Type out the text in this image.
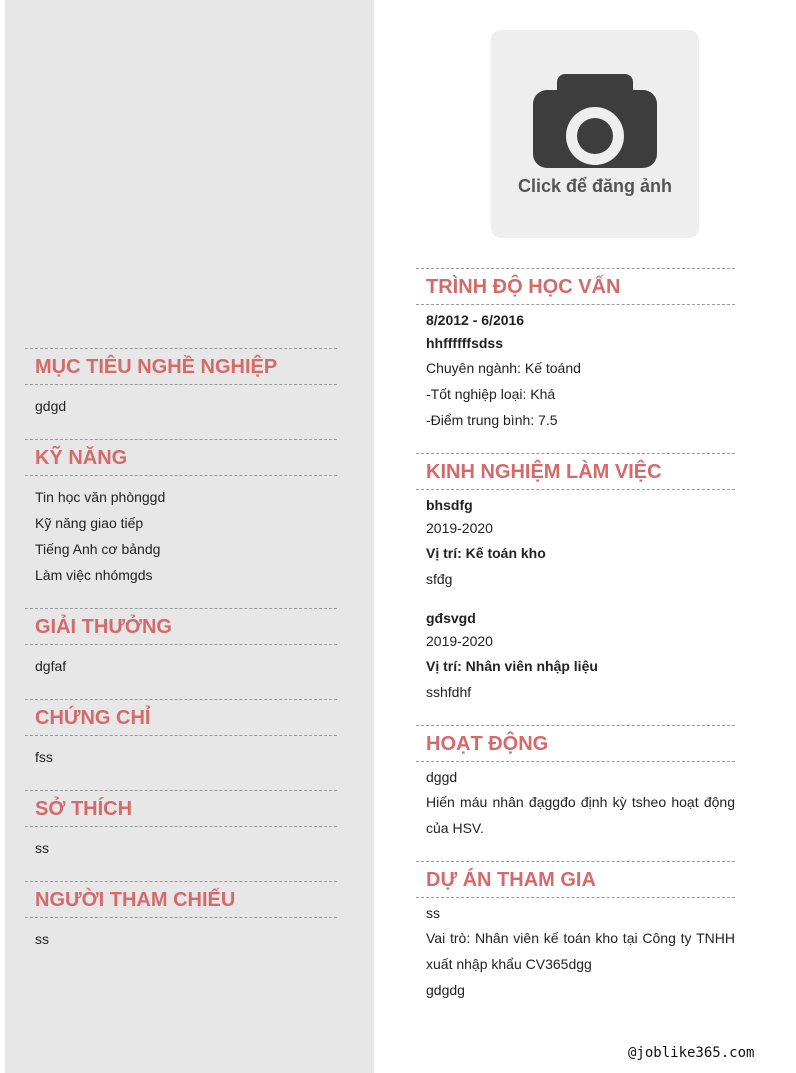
MỤC TIÊU NGHỀ NGHIỆP
gdgd
KỸ NĂNG
Tin học văn phònggd
Kỹ năng giao tiếp
Tiếng Anh cơ bảndg
Làm việc nhómgds
GIẢI THƯỞNG
dgfaf
CHỨNG CHỈ
fss
SỞ THÍCH
ss
NGƯỜI THAM CHIẾU
ss
Click để đăng ảnh
TRÌNH ĐỘ HỌC VẤN
8/2012 - 6/2016
hhffffffsdss
Chuyên ngành: Kế toánd
-Tốt nghiệp loại: Khá
-Điểm trung bình: 7.5
KINH NGHIỆM LÀM VIỆC
bhsdfg
2019-2020
Vị trí: Kế toán kho
sfđg
gđsvgd
2019-2020
Vị trí: Nhân viên nhập liệu
sshfdhf
HOẠT ĐỘNG
dggd
Hiến máu nhân đạggđo định kỳ tsheo hoạt động của HSV.
DỰ ÁN THAM GIA
ss
Vai trò: Nhân viên kế toán kho tại Công ty TNHH xuất nhập khẩu CV365dgg
gdgdg
@joblike365.com
